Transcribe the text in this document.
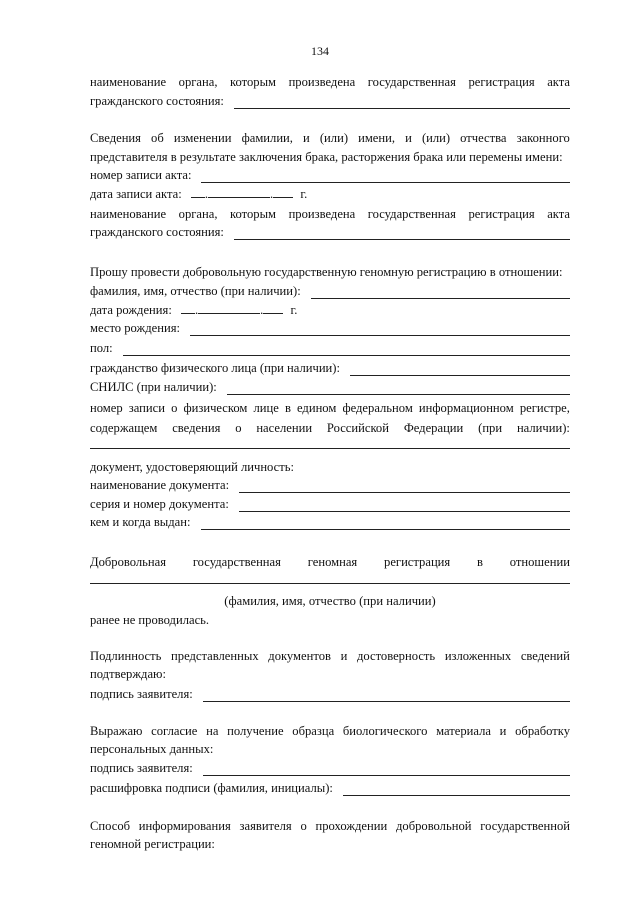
134
наименование органа, которым произведена государственная регистрация акта
гражданского состояния:
Сведения об изменении фамилии, и (или) имени, и (или) отчества законного
представителя в результате заключения брака, расторжения брака или перемены имени:
номер записи акта:
дата записи акта: .	. г.
наименование органа, которым произведена государственная регистрация акта
гражданского состояния:
Прошу провести добровольную государственную геномную регистрацию в отношении:
фамилия, имя, отчество (при наличии):
дата рождения: .	. г.
место рождения:
пол:
гражданство физического лица (при наличии):
СНИЛС (при наличии):
номер записи о физическом лице в едином федеральном информационном регистре,
содержащем сведения о населении Российской Федерации (при наличии):
документ, удостоверяющий личность:
наименование документа:
серия и номер документа:
кем и когда выдан:
Добровольная государственная геномная регистрация в отношении
(фамилия, имя, отчество (при наличии)
ранее не проводилась.
Подлинность представленных документов и достоверность изложенных сведений
подтверждаю:
подпись заявителя:
Выражаю согласие на получение образца биологического материала и обработку
персональных данных:
подпись заявителя:
расшифровка подписи (фамилия, инициалы):
Способ информирования заявителя о прохождении добровольной государственной
геномной регистрации:
